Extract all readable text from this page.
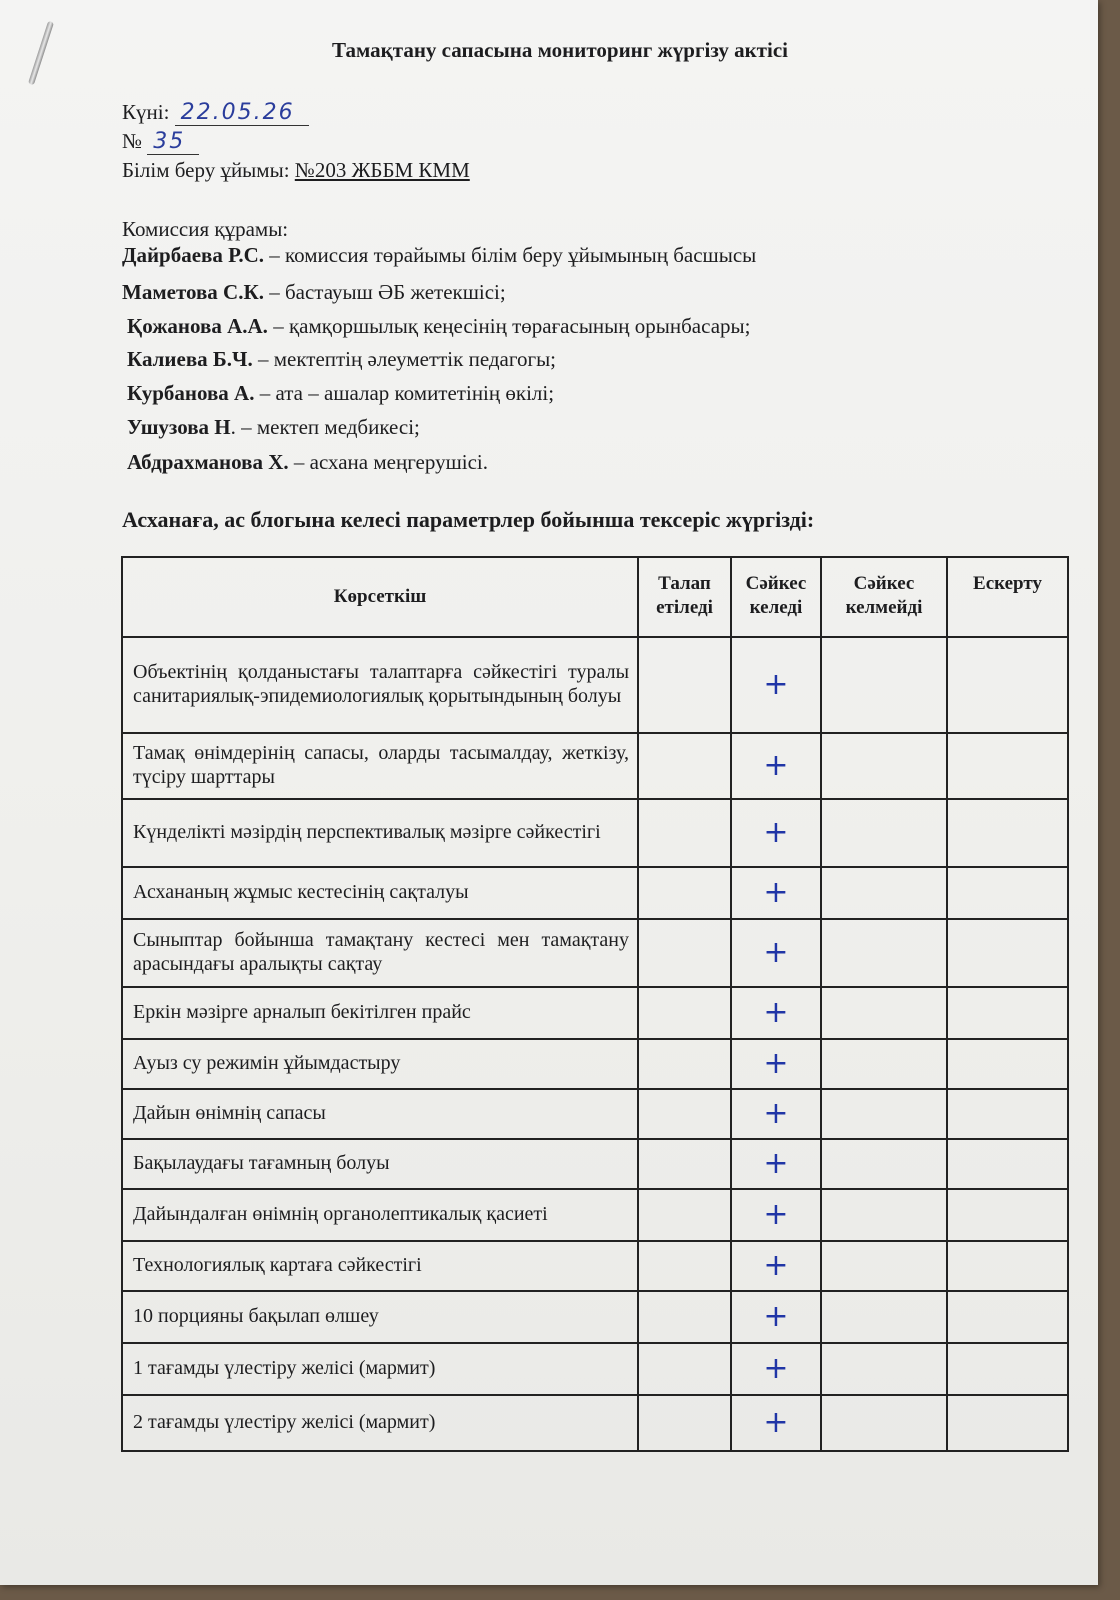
Тамақтану сапасына мониторинг жүргізу актісі
Күні: 22.05.26
№ 35
Білім беру ұйымы: №203 ЖББМ КММ
Комиссия құрамы:
Дайрбаева Р.С. – комиссия төрайымы білім беру ұйымының басшысы
Маметова С.К. – бастауыш ӘБ жетекшісі;
Қожанова А.А. – қамқоршылық кеңесінің төрағасының орынбасары;
Калиева Б.Ч. – мектептің әлеуметтік педагогы;
Курбанова А. – ата – ашалар комитетінің өкілі;
Ушузова Н. – мектеп медбикесі;
Абдрахманова Х. – асхана меңгерушісі.
Асханаға, ас блогына келесі параметрлер бойынша тексеріс жүргізді:
Көрсеткіш	Талап етіледі	Сәйкес келеді	Сәйкес келмейді	Ескерту
Объектінің қолданыстағы талаптарға сәйкестігі туралы санитариялық-эпидемиологиялық қорытындының болуы		+		
Тамақ өнімдерінің сапасы, оларды тасымалдау, жеткізу, түсіру шарттары		+		
Күнделікті мәзірдің перспективалық мәзірге сәйкестігі		+		
Асхананың жұмыс кестесінің сақталуы		+		
Сыныптар бойынша тамақтану кестесі мен тамақтану арасындағы аралықты сақтау		+		
Еркін мәзірге арналып бекітілген прайс		+		
Ауыз су режимін ұйымдастыру		+		
Дайын өнімнің сапасы		+		
Бақылаудағы тағамның болуы		+		
Дайындалған өнімнің органолептикалық қасиеті		+		
Технологиялық картаға сәйкестігі		+		
10 порцияны бақылап өлшеу		+		
1 тағамды үлестіру желісі (мармит)		+		
2 тағамды үлестіру желісі (мармит)		+		
